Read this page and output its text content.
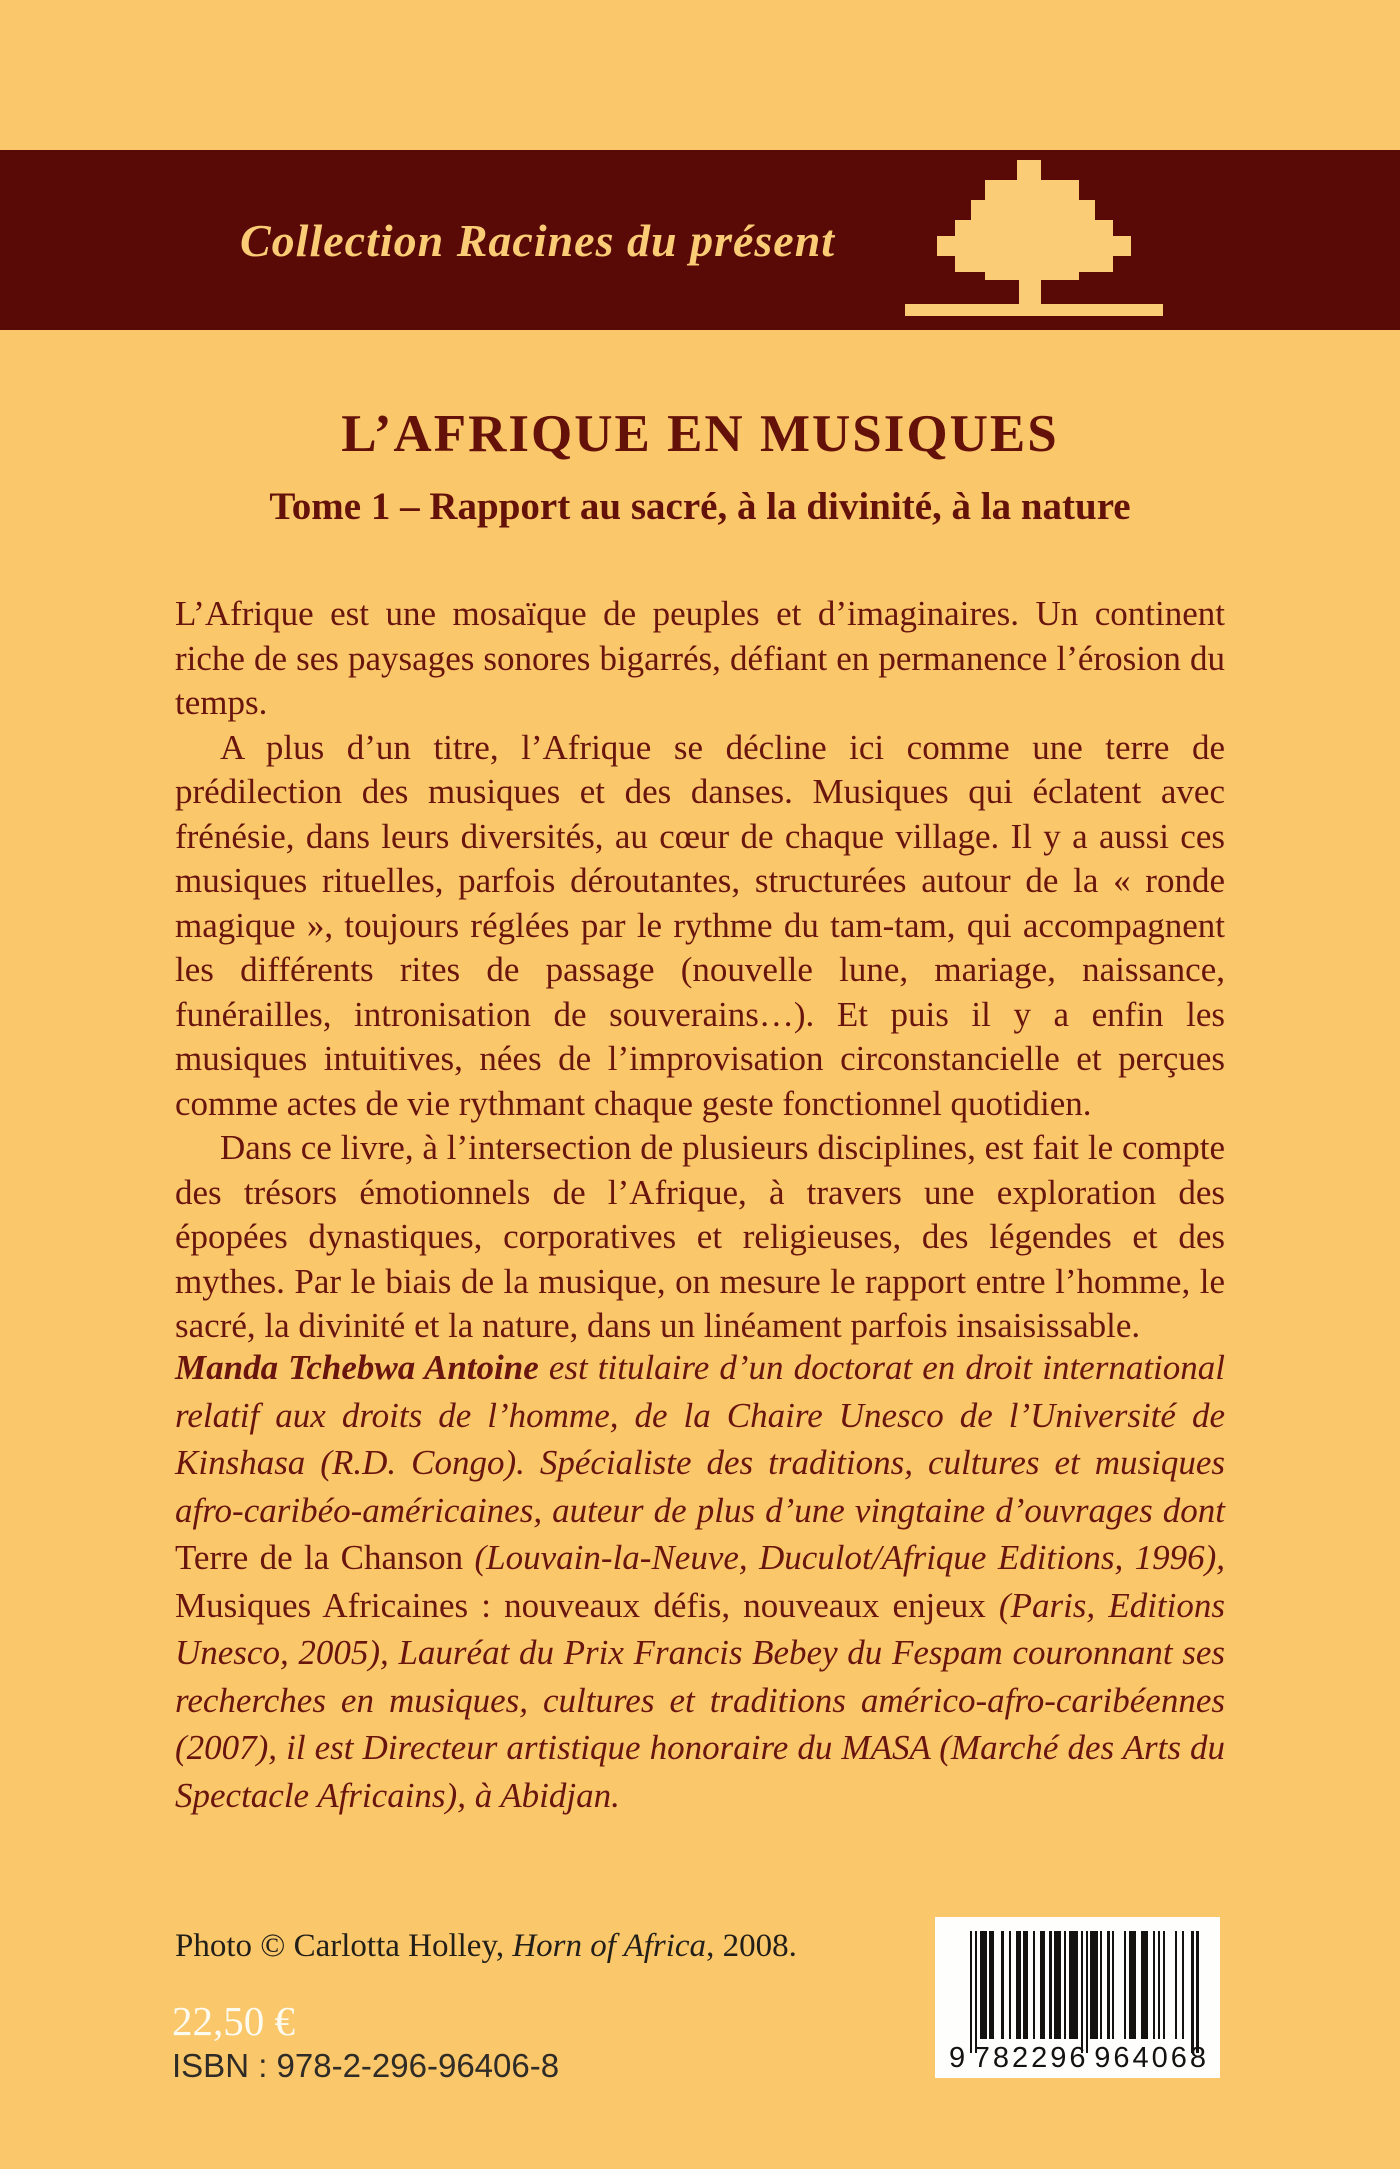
Collection Racines du présent
L’AFRIQUE EN MUSIQUES
Tome 1 – Rapport au sacré, à la divinité, à la nature

L’Afrique est une mosaïque de peuples et d’imaginaires. Un continent riche de ses paysages sonores bigarrés, défiant en permanence l’érosion du temps.

A plus d’un titre, l’Afrique se décline ici comme une terre de prédilection des musiques et des danses. Musiques qui éclatent avec frénésie, dans leurs diversités, au cœur de chaque village. Il y a aussi ces musiques rituelles, parfois déroutantes, structurées autour de la « ronde magique », toujours réglées par le rythme du tam-tam, qui accompagnent les différents rites de passage (nouvelle lune, mariage, naissance, funérailles, intronisation de souverains…). Et puis il y a enfin les musiques intuitives, nées de l’improvisation circonstancielle et perçues comme actes de vie rythmant chaque geste fonctionnel quotidien.

Dans ce livre, à l’intersection de plusieurs disciplines, est fait le compte des trésors émotionnels de l’Afrique, à travers une exploration des épopées dynastiques, corporatives et religieuses, des légendes et des mythes. Par le biais de la musique, on mesure le rapport entre l’homme, le sacré, la divinité et la nature, dans un linéament parfois insaisissable.

Manda Tchebwa Antoine est titulaire d’un doctorat en droit international relatif aux droits de l’homme, de la Chaire Unesco de l’Université de Kinshasa (R.D. Congo). Spécialiste des traditions, cultures et musiques afro-caribéo-américaines, auteur de plus d’une vingtaine d’ouvrages dont Terre de la Chanson (Louvain-la-Neuve, Duculot/Afrique Editions, 1996), Musiques Africaines : nouveaux défis, nouveaux enjeux (Paris, Editions Unesco, 2005), Lauréat du Prix Francis Bebey du Fespam couronnant ses recherches en musiques, cultures et traditions américo-afro-caribéennes (2007), il est Directeur artistique honoraire du MASA (Marché des Arts du Spectacle Africains), à Abidjan.
Photo © Carlotta Holley, Horn of Africa, 2008.
22,50 €
ISBN : 978-2-296-96406-8	9 782296 964068
